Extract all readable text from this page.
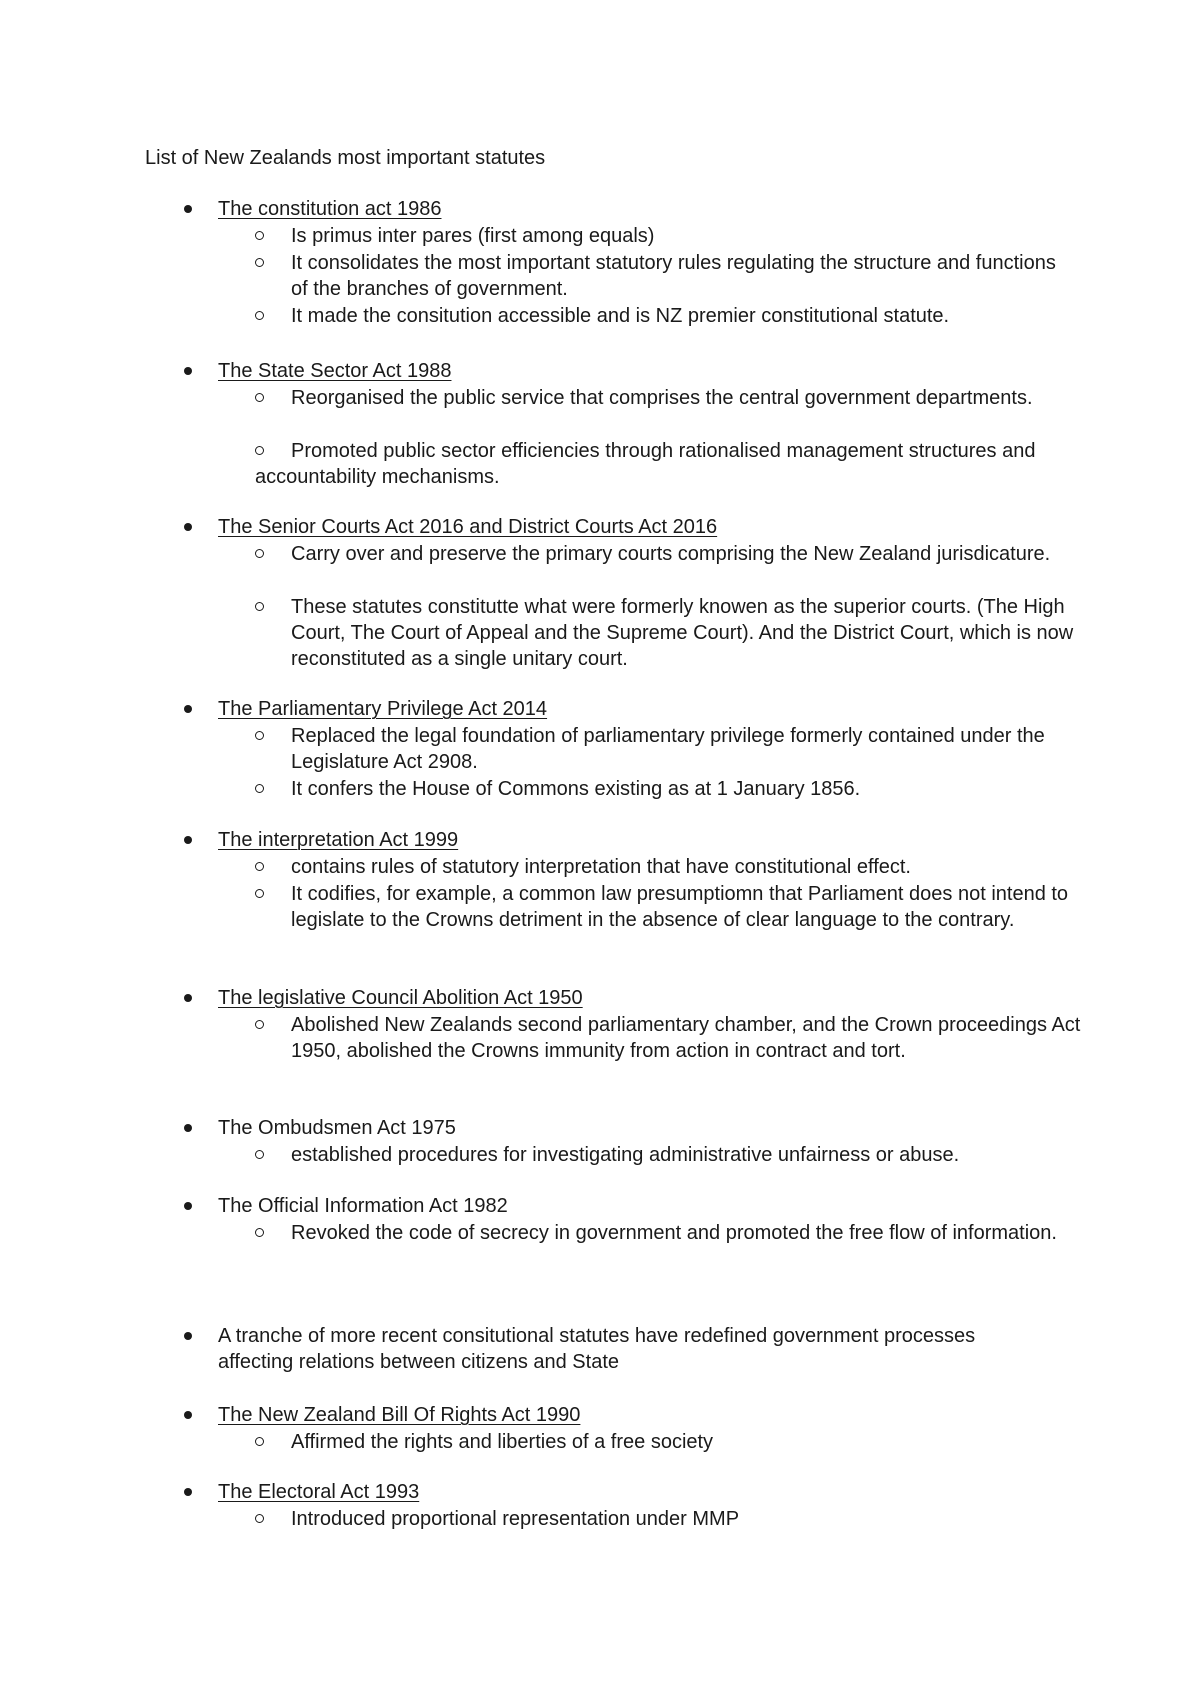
List of New Zealands most important statutes
The constitution act 1986
Is primus inter pares (first among equals)
It consolidates the most important statutory rules regulating the structure and functions of the branches of government.
It made the consitution accessible and is NZ premier constitutional statute.
The State Sector Act 1988
Reorganised the public service that comprises the central government departments.
Promoted public sector efficiencies through rationalised management structures and accountability mechanisms.
The Senior Courts Act 2016 and District Courts Act 2016
Carry over and preserve the primary courts comprising the New Zealand jurisdicature.
These statutes constitutte what were formerly knowen as the superior courts. (The High Court, The Court of Appeal and the Supreme Court). And the District Court, which is now reconstituted as a single unitary court.
The Parliamentary Privilege Act 2014
Replaced the legal foundation of parliamentary privilege formerly contained under the Legislature Act 2908.
It confers the House of Commons existing as at 1 January 1856.
The interpretation Act 1999
contains rules of statutory interpretation that have constitutional effect.
It codifies, for example, a common law presumptiomn that Parliament does not intend to legislate to the Crowns detriment in the absence of clear language to the contrary.
The legislative Council Abolition Act 1950
Abolished New Zealands second parliamentary chamber, and the Crown proceedings Act 1950, abolished the Crowns immunity from action in contract and tort.
The Ombudsmen Act 1975
established procedures for investigating administrative unfairness or abuse.
The Official Information Act 1982
Revoked the code of secrecy in government and promoted the free flow of information.
A tranche of more recent consitutional statutes have redefined government processes affecting relations between citizens and State
The New Zealand Bill Of Rights Act 1990
Affirmed the rights and liberties of a free society
The Electoral Act 1993
Introduced proportional representation under MMP
